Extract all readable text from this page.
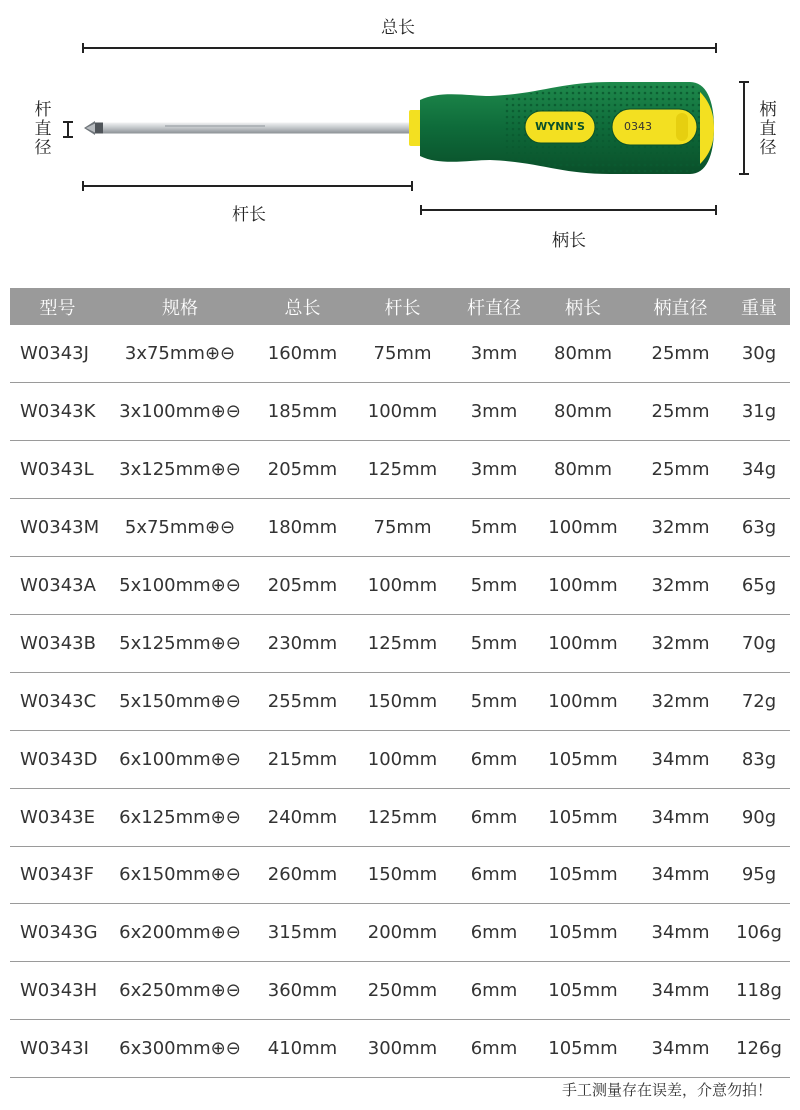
总长
杆长
柄长
杆直径
柄直径
WYNN'S	0343
型号	规格	总长	杆长	杆直径	柄长	柄直径	重量
W0343J	3x75mm⊕⊖	160mm	75mm	3mm	80mm	25mm	30g
W0343K	3x100mm⊕⊖	185mm	100mm	3mm	80mm	25mm	31g
W0343L	3x125mm⊕⊖	205mm	125mm	3mm	80mm	25mm	34g
W0343M	5x75mm⊕⊖	180mm	75mm	5mm	100mm	32mm	63g
W0343A	5x100mm⊕⊖	205mm	100mm	5mm	100mm	32mm	65g
W0343B	5x125mm⊕⊖	230mm	125mm	5mm	100mm	32mm	70g
W0343C	5x150mm⊕⊖	255mm	150mm	5mm	100mm	32mm	72g
W0343D	6x100mm⊕⊖	215mm	100mm	6mm	105mm	34mm	83g
W0343E	6x125mm⊕⊖	240mm	125mm	6mm	105mm	34mm	90g
W0343F	6x150mm⊕⊖	260mm	150mm	6mm	105mm	34mm	95g
W0343G	6x200mm⊕⊖	315mm	200mm	6mm	105mm	34mm	106g
W0343H	6x250mm⊕⊖	360mm	250mm	6mm	105mm	34mm	118g
W0343I	6x300mm⊕⊖	410mm	300mm	6mm	105mm	34mm	126g
手工测量存在误差，介意勿拍！
